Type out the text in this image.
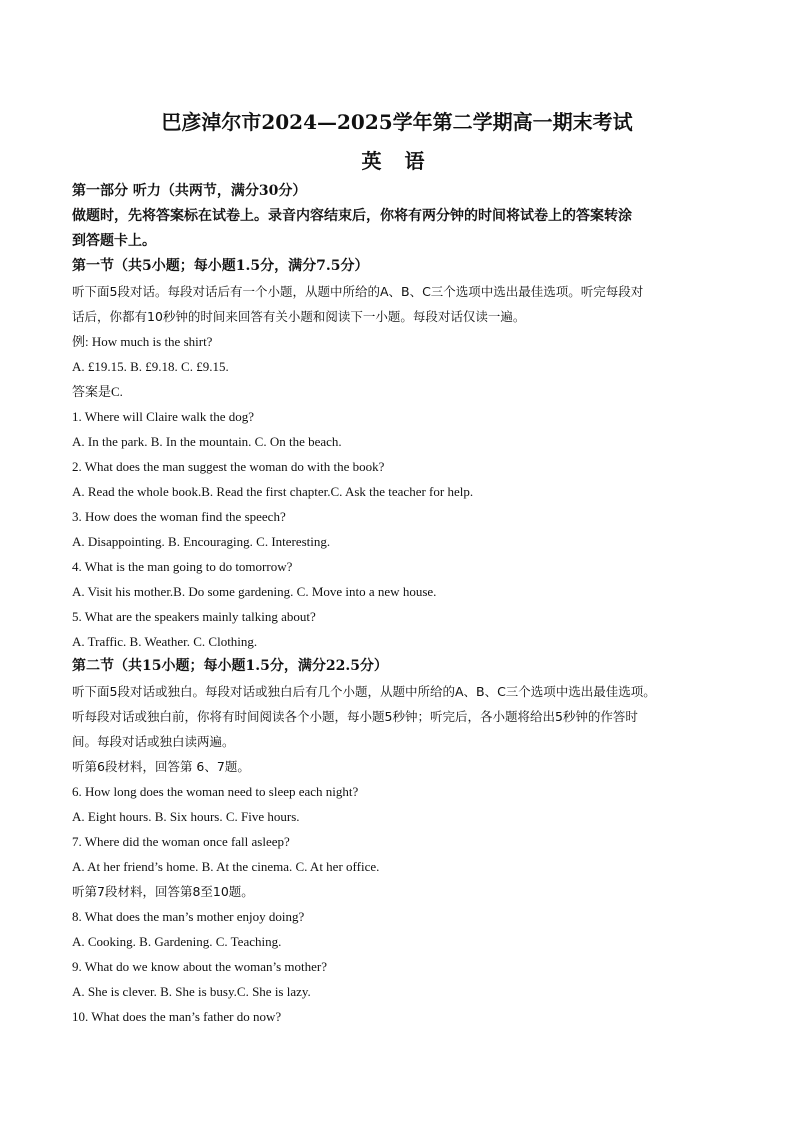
巴彦淖尔市2024—2025学年第二学期高一期末考试
英 语
第一部分 听力（共两节，满分30分）
做题时，先将答案标在试卷上。录音内容结束后，你将有两分钟的时间将试卷上的答案转涂
到答题卡上。
第一节（共5小题；每小题1.5分，满分7.5分）
听下面5段对话。每段对话后有一个小题，从题中所给的A、B、C三个选项中选出最佳选项。听完每段对
话后，你都有10秒钟的时间来回答有关小题和阅读下一小题。每段对话仅读一遍。
例: How much is the shirt?
A. £19.15. B. £9.18. C. £9.15.
答案是C.
1. Where will Claire walk the dog?
A. In the park. B. In the mountain. C. On the beach.
2. What does the man suggest the woman do with the book?
A. Read the whole book.B. Read the first chapter.C. Ask the teacher for help.
3. How does the woman find the speech?
A. Disappointing. B. Encouraging. C. Interesting.
4. What is the man going to do tomorrow?
A. Visit his mother.B. Do some gardening. C. Move into a new house.
5. What are the speakers mainly talking about?
A. Traffic. B. Weather. C. Clothing.
第二节（共15小题；每小题1.5分，满分22.5分）
听下面5段对话或独白。每段对话或独白后有几个小题，从题中所给的A、B、C三个选项中选出最佳选项。
听每段对话或独白前，你将有时间阅读各个小题，每小题5秒钟；听完后，各小题将给出5秒钟的作答时
间。每段对话或独白读两遍。
听第6段材料，回答第 6、7题。
6. How long does the woman need to sleep each night?
A. Eight hours. B. Six hours. C. Five hours.
7. Where did the woman once fall asleep?
A. At her friend’s home. B. At the cinema. C. At her office.
听第7段材料，回答第8至10题。
8. What does the man’s mother enjoy doing?
A. Cooking. B. Gardening. C. Teaching.
9. What do we know about the woman’s mother?
A. She is clever. B. She is busy.C. She is lazy.
10. What does the man’s father do now?
